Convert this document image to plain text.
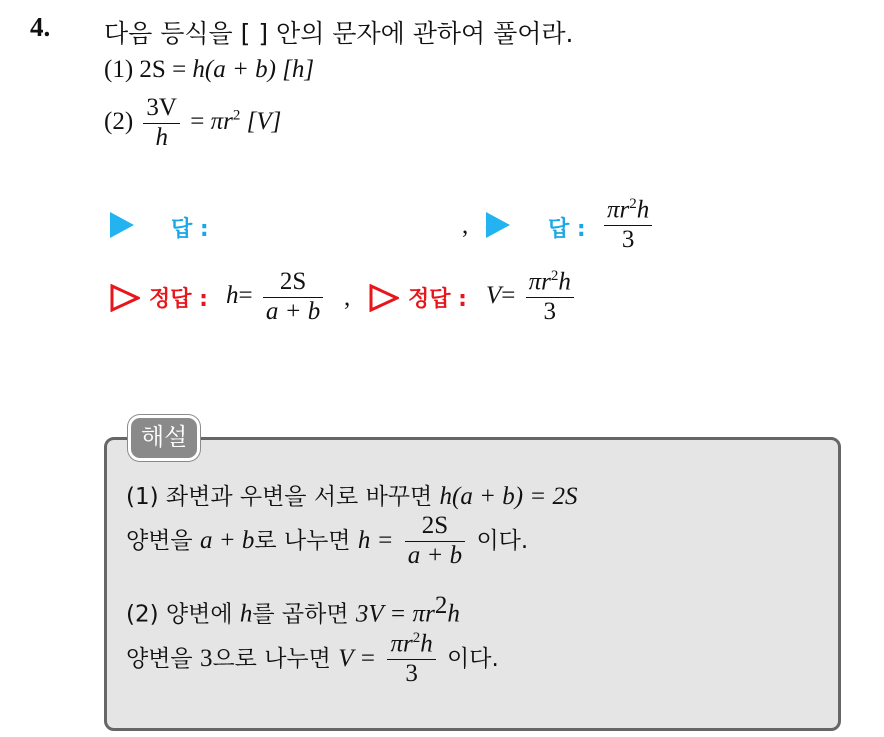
4. 다음 등식을 [ ] 안의 문자에 관하여 풀어라.
(1) 2S = h(a + b) [h]
$(2) \frac{3V}{h} = \pi r^2$ [V]
답 :	,	답 : $\frac{\pi r^2h}{3}$
정답 : $h= \frac{2S}{a + b}$ ,	정답 : $V= \frac{\pi r^2h}{3}$
해설
(1) 좌변과 우변을 서로 바꾸면 h(a + b) = 2S
양변을 a + b로 나누면 $h = \frac{2S}{a + b}$ 이다.
(2) 양변에 h를 곱하면 $3V = \pi r^2h$
양변을 3으로 나누면 $V = \frac{\pi r^2h}{3}$ 이다.
